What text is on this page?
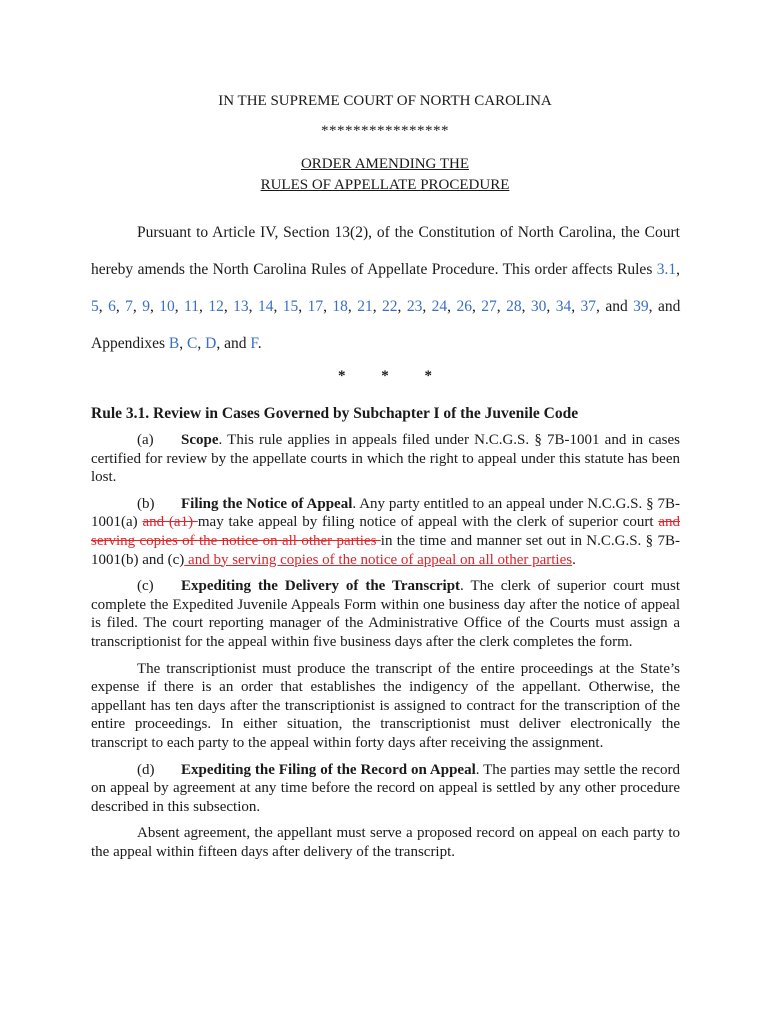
IN THE SUPREME COURT OF NORTH CAROLINA
****************
ORDER AMENDING THE
RULES OF APPELLATE PROCEDURE

Pursuant to Article IV, Section 13(2), of the Constitution of North Carolina, the Court hereby amends the North Carolina Rules of Appellate Procedure. This order affects Rules 3.1, 5, 6, 7, 9, 10, 11, 12, 13, 14, 15, 17, 18, 21, 22, 23, 24, 26, 27, 28, 30, 34, 37, and 39, and Appendixes B, C, D, and F.

* * *
Rule 3.1. Review in Cases Governed by Subchapter I of the Juvenile Code

(a) Scope. This rule applies in appeals filed under N.C.G.S. § 7B-1001 and in cases certified for review by the appellate courts in which the right to appeal under this statute has been lost.

(b) Filing the Notice of Appeal. Any party entitled to an appeal under N.C.G.S. § 7B-1001(a) and (a1) may take appeal by filing notice of appeal with the clerk of superior court and serving copies of the notice on all other parties in the time and manner set out in N.C.G.S. § 7B-1001(b) and (c) and by serving copies of the notice of appeal on all other parties.

(c) Expediting the Delivery of the Transcript. The clerk of superior court must complete the Expedited Juvenile Appeals Form within one business day after the notice of appeal is filed. The court reporting manager of the Administrative Office of the Courts must assign a transcriptionist for the appeal within five business days after the clerk completes the form.

The transcriptionist must produce the transcript of the entire proceedings at the State’s expense if there is an order that establishes the indigency of the appellant. Otherwise, the appellant has ten days after the transcriptionist is assigned to contract for the transcription of the entire proceedings. In either situation, the transcriptionist must deliver electronically the transcript to each party to the appeal within forty days after receiving the assignment.

(d) Expediting the Filing of the Record on Appeal. The parties may settle the record on appeal by agreement at any time before the record on appeal is settled by any other procedure described in this subsection.

Absent agreement, the appellant must serve a proposed record on appeal on each party to the appeal within fifteen days after delivery of the transcript.
